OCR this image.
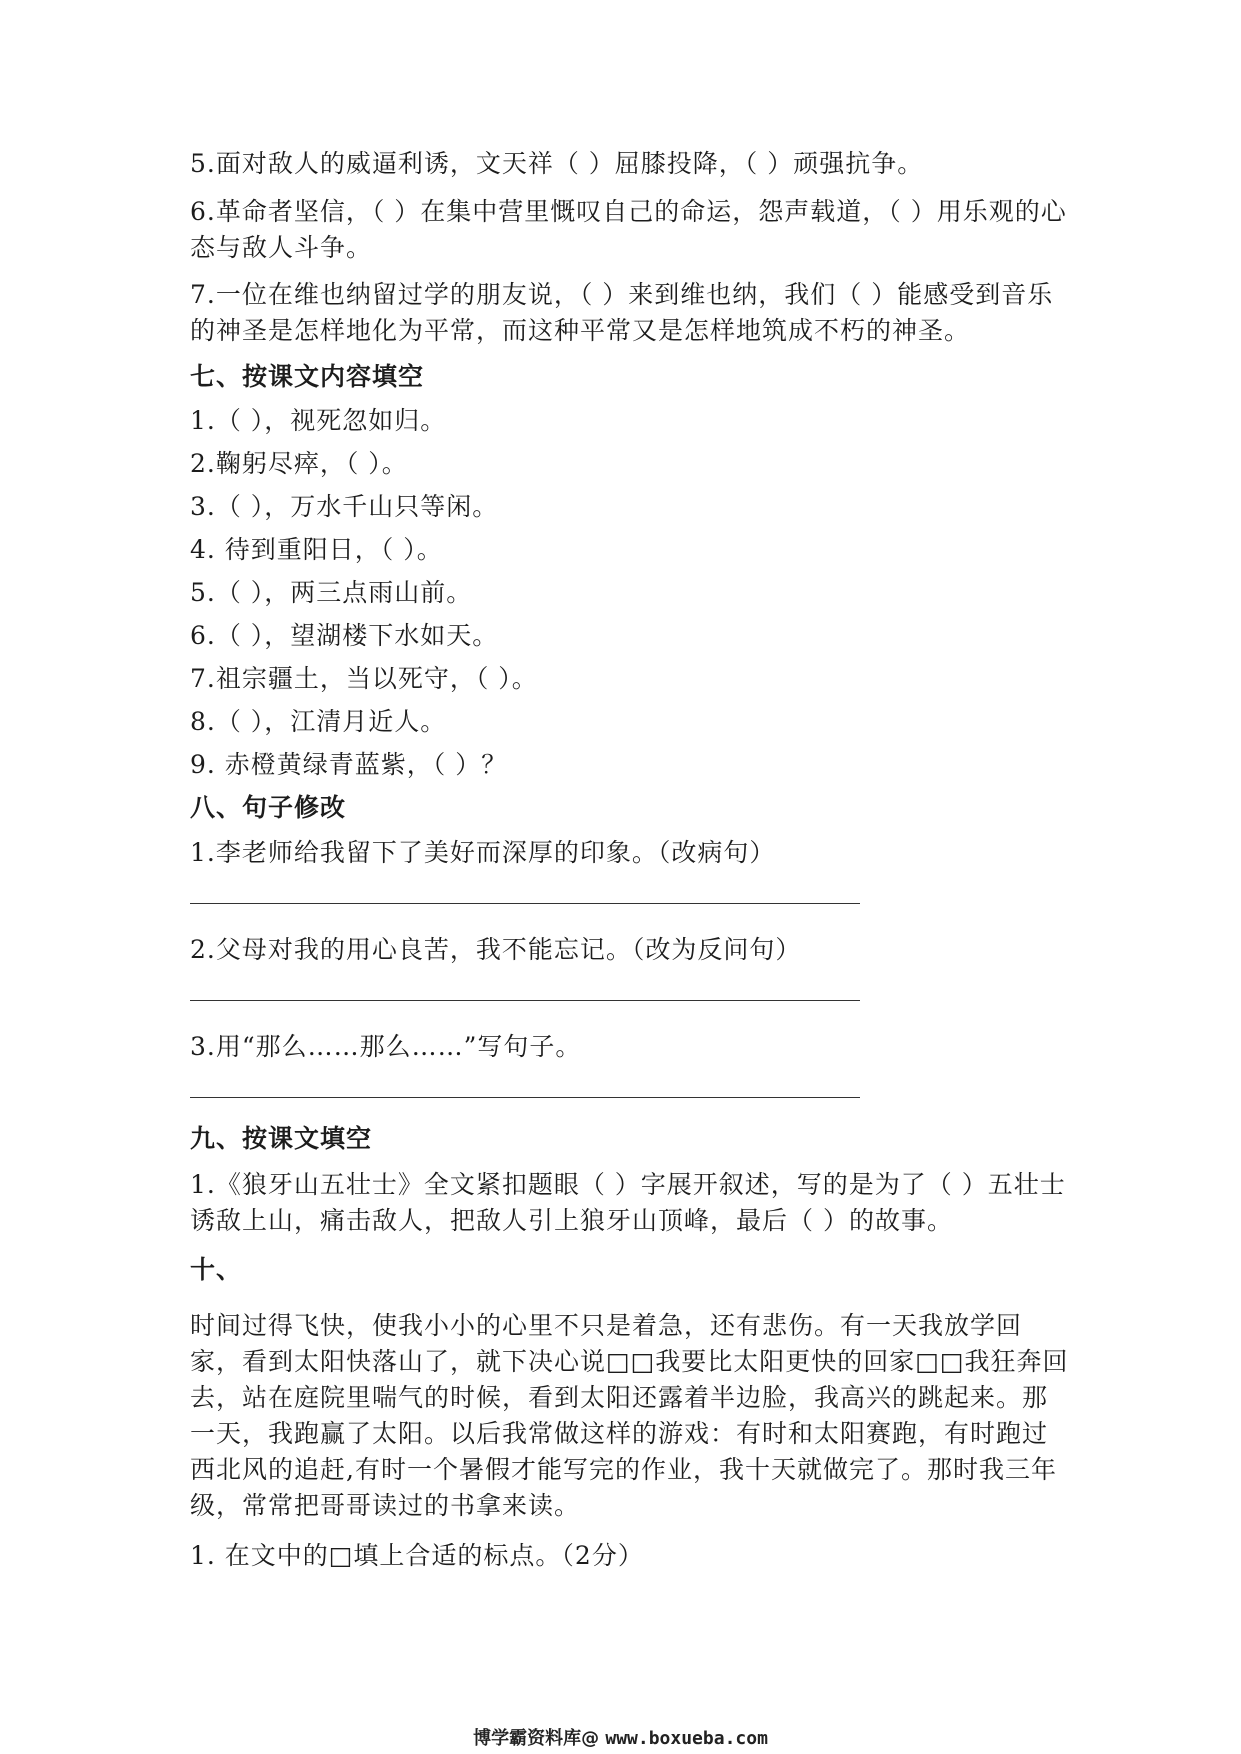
5.面对敌人的威逼利诱，文天祥（ ）屈膝投降，（ ）顽强抗争。

6.革命者坚信，（ ）在集中营里慨叹自己的命运，怨声载道，（ ）用乐观的心态与敌人斗争。

7.一位在维也纳留过学的朋友说，（ ）来到维也纳，我们（ ）能感受到音乐的神圣是怎样地化为平常，而这种平常又是怎样地筑成不朽的神圣。

七、按课文内容填空

1.（ ），视死忽如归。

2.鞠躬尽瘁，（ ）。

3.（ ），万水千山只等闲。

4. 待到重阳日，（ ）。

5.（ ），两三点雨山前。

6.（ ），望湖楼下水如天。

7.祖宗疆土，当以死守，（ ）。

8.（ ），江清月近人。

9. 赤橙黄绿青蓝紫，（ ）？

八、句子修改

1.李老师给我留下了美好而深厚的印象。（改病句）

2.父母对我的用心良苦，我不能忘记。（改为反问句）

3.用“那么……那么……”写句子。

九、按课文填空

1.《狼牙山五壮士》全文紧扣题眼（ ）字展开叙述，写的是为了（ ）五壮士诱敌上山，痛击敌人，把敌人引上狼牙山顶峰，最后（ ）的故事。

十、

时间过得飞快，使我小小的心里不只是着急，还有悲伤。有一天我放学回家，看到太阳快落山了，就下决心说□□我要比太阳更快的回家□□我狂奔回去，站在庭院里喘气的时候，看到太阳还露着半边脸，我高兴的跳起来。那一天，我跑赢了太阳。以后我常做这样的游戏：有时和太阳赛跑，有时跑过西北风的追赶,有时一个暑假才能写完的作业，我十天就做完了。那时我三年级，常常把哥哥读过的书拿来读。

1. 在文中的□填上合适的标点。（2分）

博学霸资料库@ www.boxueba.com
